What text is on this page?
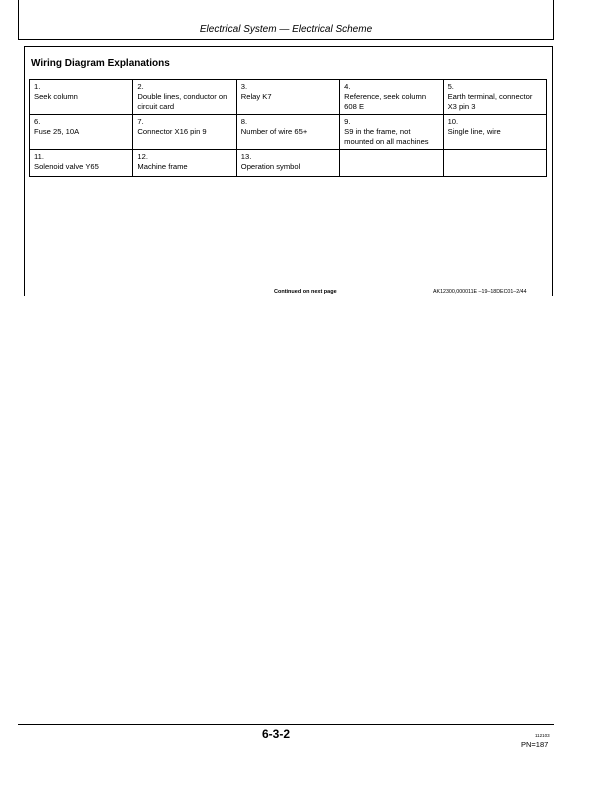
Electrical System — Electrical Scheme
Wiring Diagram Explanations
1.
Seek column	2.
Double lines, conductor on circuit card	3.
Relay K7	4.
Reference, seek column 608 E	5.
Earth terminal, connector X3 pin 3

6.
Fuse 25, 10A	7.
Connector X16 pin 9	8.
Number of wire 65+	9.
S9 in the frame, not mounted on all machines	10.
Single line, wire

11.
Solenoid valve Y65	12.
Machine frame	13.
Operation symbol		

Continued on next page	AK12300,000011E –19–18DEC01–2/44
6-3-2	112103
PN=187
